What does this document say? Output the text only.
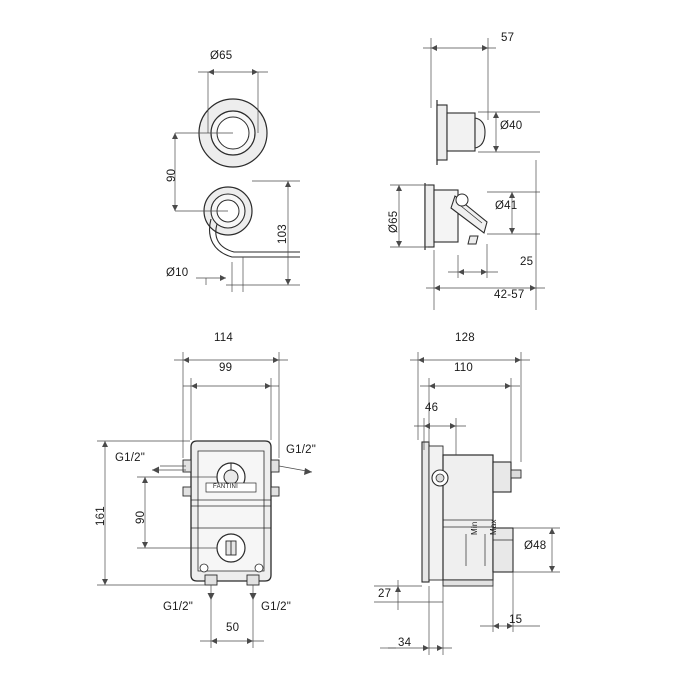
Ø65
90
103
Ø10
57
Ø40
Ø65
Ø41
25
42-57
114
99
G1/2"
G1/2"
161 90
FANTINI
G1/2"	G1/2"
50
128
110
46
Min Max
Ø48
27
15
34
